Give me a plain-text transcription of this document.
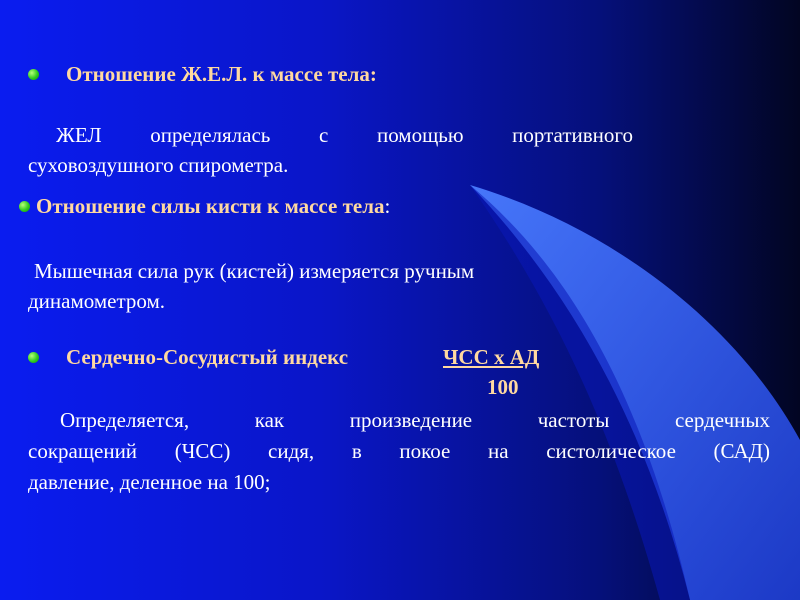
Отношение Ж.Е.Л. к массе тела:
ЖЕЛ определялась с помощью портативного
суховоздушного спирометра.
Отношение силы кисти к массе тела:
Мышечная сила рук (кистей) измеряется ручным
динамометром.
Сердечно-Сосудистый индекс	ЧСС х АД
100
Определяется, как произведение частоты сердечных
сокращений (ЧСС) сидя, в покое на систолическое (САД)
давление, деленное на 100;
